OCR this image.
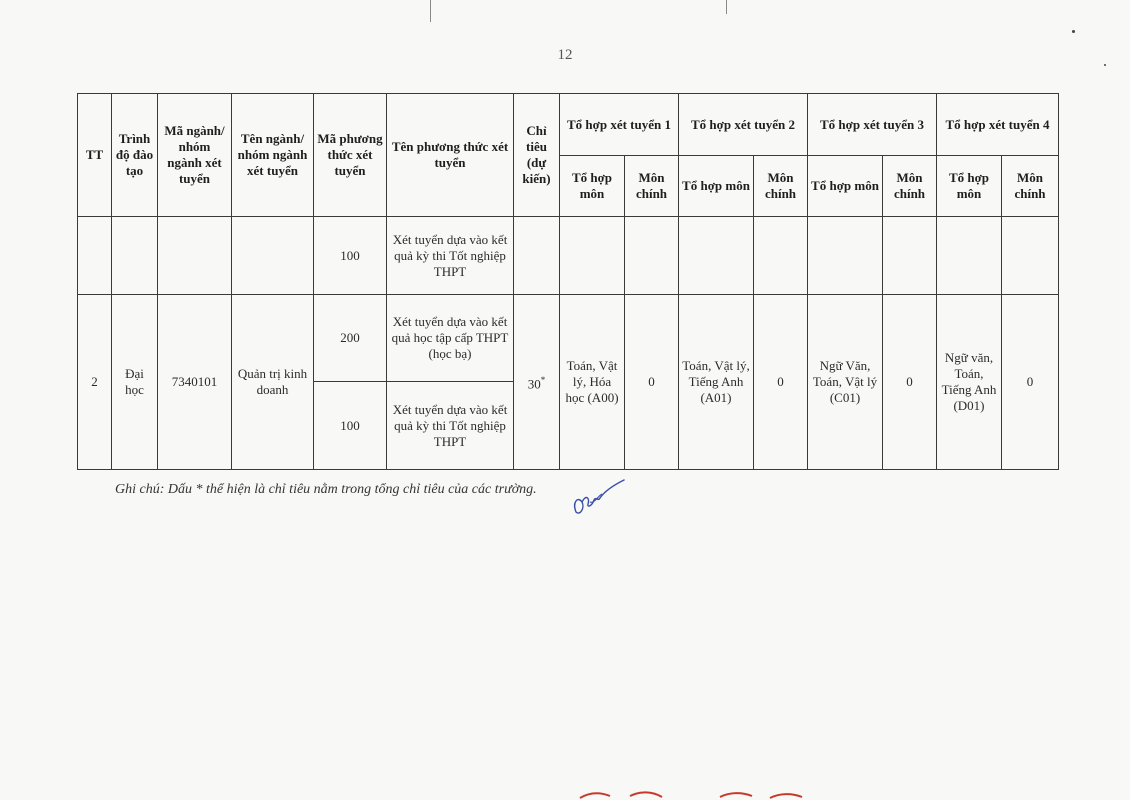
12
TT	Trình độ đào tạo	Mã ngành/ nhóm ngành xét tuyển	Tên ngành/ nhóm ngành xét tuyển	Mã phương thức xét tuyển	Tên phương thức xét tuyển	Chỉ tiêu (dự kiến)	Tổ hợp xét tuyển 1		Tổ hợp xét tuyển 2		Tổ hợp xét tuyển 3		Tổ hợp xét tuyển 4	
							Tổ hợp môn	Môn chính	Tổ hợp môn	Môn chính	Tổ hợp môn	Môn chính	Tổ hợp môn	Môn chính
				100	Xét tuyển dựa vào kết quả kỳ thi Tốt nghiệp THPT									
2	Đại học	7340101	Quản trị kinh doanh	200	Xét tuyển dựa vào kết quả học tập cấp THPT (học bạ)	30*	Toán, Vật lý, Hóa học (A00)	0	Toán, Vật lý, Tiếng Anh (A01)	0	Ngữ Văn, Toán, Vật lý (C01)	0	Ngữ văn, Toán, Tiếng Anh (D01)	0
				100	Xét tuyển dựa vào kết quả kỳ thi Tốt nghiệp THPT									
Ghi chú: Dấu * thể hiện là chỉ tiêu nằm trong tổng chỉ tiêu của các trường.
